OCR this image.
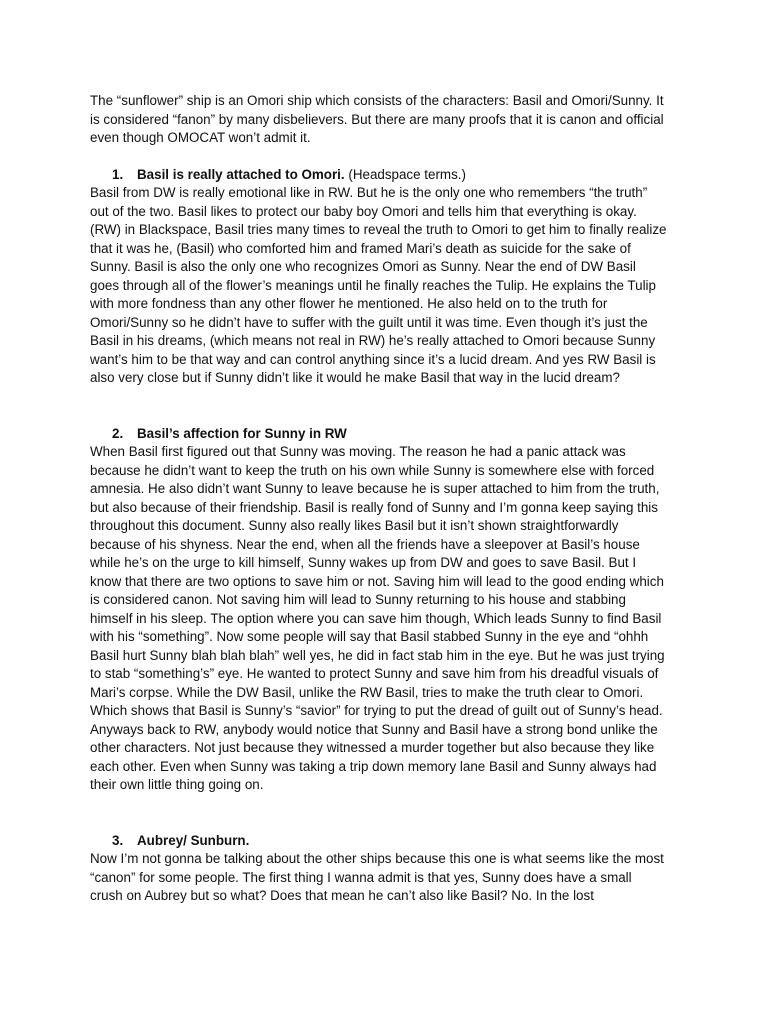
The “sunflower” ship is an Omori ship which consists of the characters: Basil and Omori/Sunny. It is considered “fanon” by many disbelievers. But there are many proofs that it is canon and official even though OMOCAT won’t admit it.

1. Basil is really attached to Omori. (Headspace terms.)

Basil from DW is really emotional like in RW. But he is the only one who remembers “the truth” out of the two. Basil likes to protect our baby boy Omori and tells him that everything is okay. (RW) in Blackspace, Basil tries many times to reveal the truth to Omori to get him to finally realize that it was he, (Basil) who comforted him and framed Mari’s death as suicide for the sake of Sunny. Basil is also the only one who recognizes Omori as Sunny. Near the end of DW Basil goes through all of the flower’s meanings until he finally reaches the Tulip. He explains the Tulip with more fondness than any other flower he mentioned. He also held on to the truth for Omori/Sunny so he didn’t have to suffer with the guilt until it was time. Even though it’s just the Basil in his dreams, (which means not real in RW) he’s really attached to Omori because Sunny want’s him to be that way and can control anything since it’s a lucid dream. And yes RW Basil is also very close but if Sunny didn’t like it would he make Basil that way in the lucid dream?

2. Basil’s affection for Sunny in RW

When Basil first figured out that Sunny was moving. The reason he had a panic attack was because he didn’t want to keep the truth on his own while Sunny is somewhere else with forced amnesia. He also didn’t want Sunny to leave because he is super attached to him from the truth, but also because of their friendship. Basil is really fond of Sunny and I’m gonna keep saying this throughout this document. Sunny also really likes Basil but it isn’t shown straightforwardly because of his shyness. Near the end, when all the friends have a sleepover at Basil’s house while he’s on the urge to kill himself, Sunny wakes up from DW and goes to save Basil. But I know that there are two options to save him or not. Saving him will lead to the good ending which is considered canon. Not saving him will lead to Sunny returning to his house and stabbing himself in his sleep. The option where you can save him though, Which leads Sunny to find Basil with his “something”. Now some people will say that Basil stabbed Sunny in the eye and “ohhh Basil hurt Sunny blah blah blah” well yes, he did in fact stab him in the eye. But he was just trying to stab “something’s” eye. He wanted to protect Sunny and save him from his dreadful visuals of Mari’s corpse. While the DW Basil, unlike the RW Basil, tries to make the truth clear to Omori. Which shows that Basil is Sunny’s “savior” for trying to put the dread of guilt out of Sunny’s head. Anyways back to RW, anybody would notice that Sunny and Basil have a strong bond unlike the other characters. Not just because they witnessed a murder together but also because they like each other. Even when Sunny was taking a trip down memory lane Basil and Sunny always had their own little thing going on.

3. Aubrey/ Sunburn.

Now I’m not gonna be talking about the other ships because this one is what seems like the most “canon” for some people. The first thing I wanna admit is that yes, Sunny does have a small crush on Aubrey but so what? Does that mean he can’t also like Basil? No. In the lost
